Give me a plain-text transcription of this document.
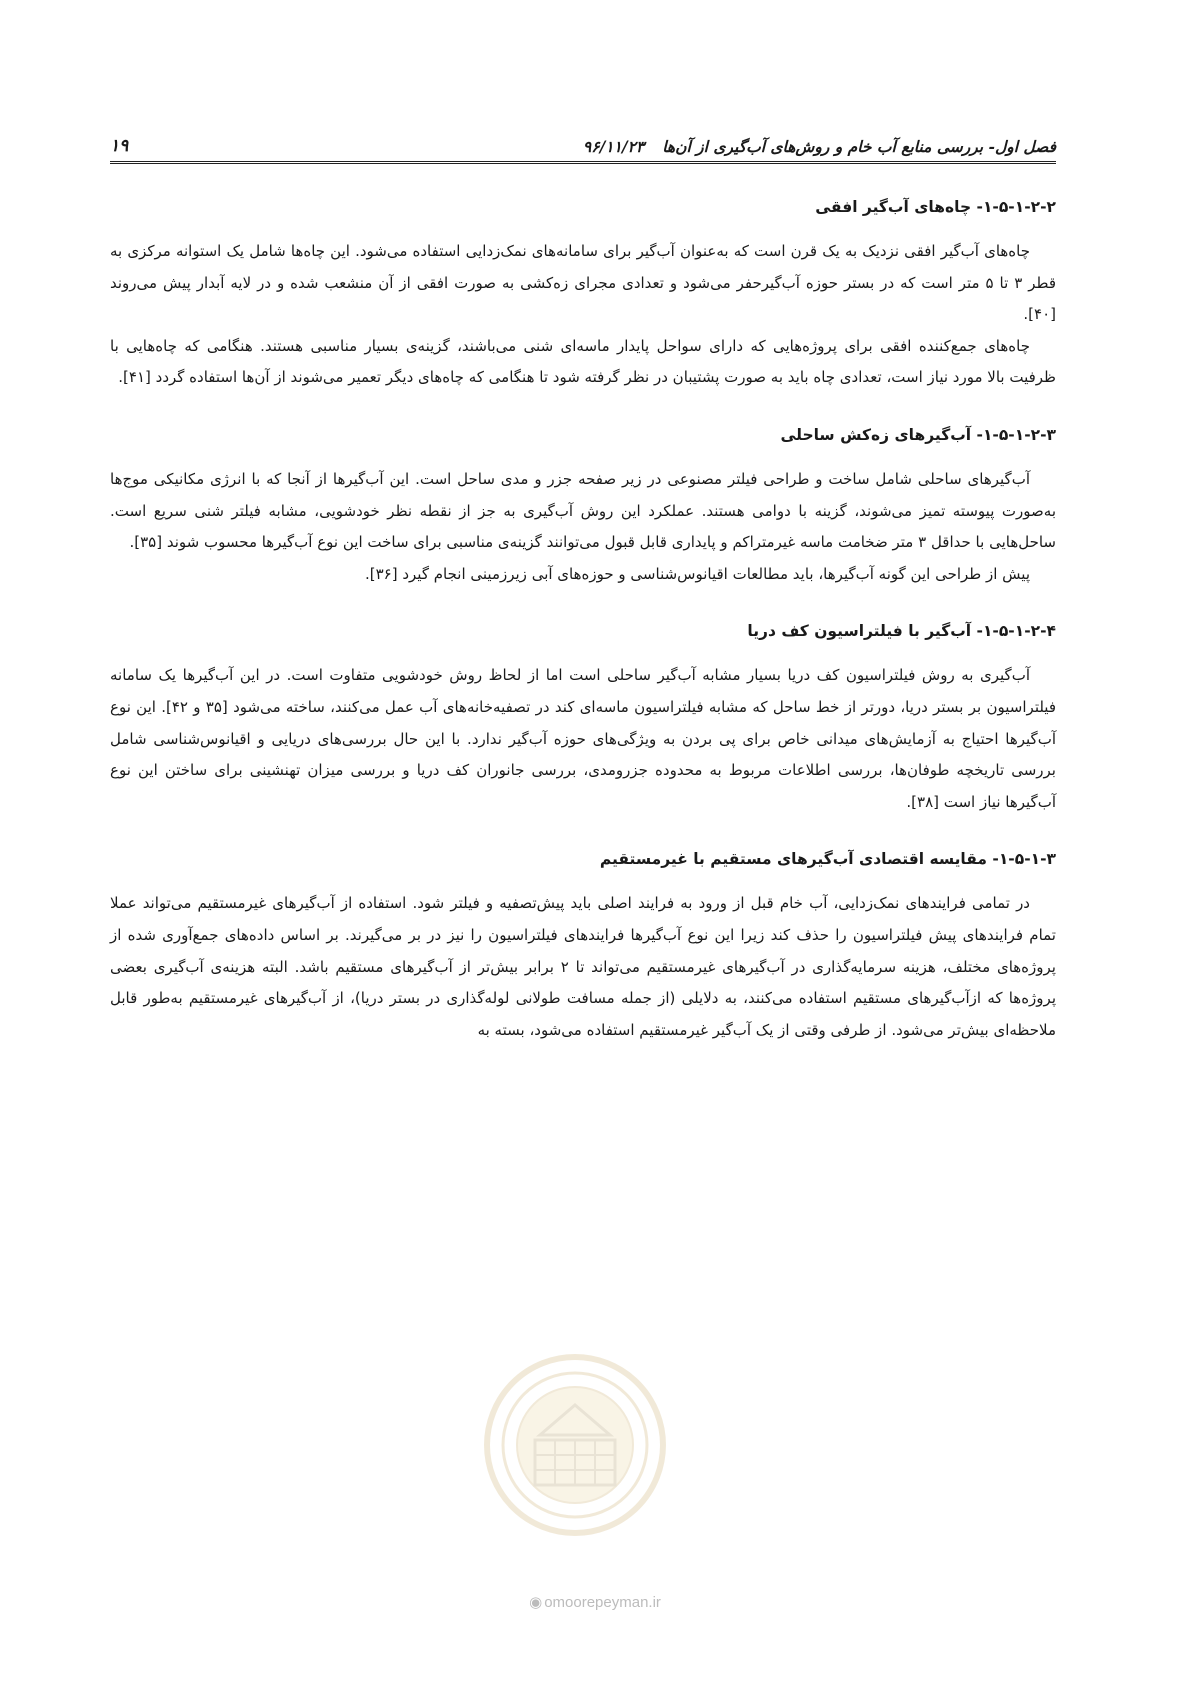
فصل اول- بررسی منابع آب خام و روش‌های آب‌گیری از آن‌ها
۹۶/۱۱/۲۳
۱۹
۱-۵-۱-۲-۲- چاه‌های آب‌گیر افقی

چاه‌های آب‌گیر افقی نزدیک به یک قرن است که به‌عنوان آب‌گیر برای سامانه‌های نمک‌زدایی استفاده می‌شود. این چاه‌ها شامل یک استوانه مرکزی به قطر ۳ تا ۵ متر است که در بستر حوزه آب‌گیرحفر می‌شود و تعدادی مجرای زه‌کشی به صورت افقی از آن منشعب شده و در لایه آبدار پیش می‌روند [۴۰].

چاه‌های جمع‌کننده افقی برای پروژه‌هایی که دارای سواحل پایدار ماسه‌ای شنی می‌باشند، گزینه‌ی بسیار مناسبی هستند. هنگامی که چاه‌هایی با ظرفیت بالا مورد نیاز است، تعدادی چاه باید به صورت پشتیبان در نظر گرفته شود تا هنگامی که چاه‌های دیگر تعمیر می‌شوند از آن‌ها استفاده گردد [۴۱].

۱-۵-۱-۲-۳- آب‌گیرهای زه‌کش ساحلی

آب‌گیرهای ساحلی شامل ساخت و طراحی فیلتر مصنوعی در زیر صفحه جزر و مدی ساحل است. این آب‌گیرها از آنجا که با انرژی مکانیکی موج‌ها به‌صورت پیوسته تمیز می‌شوند، گزینه با دوامی هستند. عملکرد این روش آب‌گیری به جز از نقطه نظر خودشویی، مشابه فیلتر شنی سریع است. ساحل‌هایی با حداقل ۳ متر ضخامت ماسه غیرمتراکم و پایداری قابل قبول می‌توانند گزینه‌ی مناسبی برای ساخت این نوع آب‌گیرها محسوب شوند [۳۵].

پیش از طراحی این گونه آب‌گیرها، باید مطالعات اقیانوس‌شناسی و حوزه‌های آبی زیرزمینی انجام گیرد [۳۶].

۱-۵-۱-۲-۴- آب‌گیر با فیلتراسیون کف دریا

آب‌گیری به روش فیلتراسیون کف دریا بسیار مشابه آب‌گیر ساحلی است اما از لحاظ روش خودشویی متفاوت است. در این آب‌گیرها یک سامانه فیلتراسیون بر بستر دریا، دورتر از خط ساحل که مشابه فیلتراسیون ماسه‌ای کند در تصفیه‌خانه‌های آب عمل می‌کنند، ساخته می‌شود [۳۵ و ۴۲]. این نوع آب‌گیرها احتیاج به آزمایش‌های میدانی خاص برای پی بردن به ویژگی‌های حوزه آب‌گیر ندارد. با این حال بررسی‌های دریایی و اقیانوس‌شناسی شامل بررسی تاریخچه طوفان‌ها، بررسی اطلاعات مربوط به محدوده جزرومدی، بررسی جانوران کف دریا و بررسی میزان تهنشینی برای ساختن این نوع آب‌گیرها نیاز است [۳۸].

۱-۵-۱-۳- مقایسه اقتصادی آب‌گیرهای مستقیم با غیرمستقیم

در تمامی فرایندهای نمک‌زدایی، آب خام قبل از ورود به فرایند اصلی باید پیش‌تصفیه و فیلتر شود. استفاده از آب‌گیرهای غیرمستقیم می‌تواند عملا تمام فرایندهای پیش فیلتراسیون را حذف کند زیرا این نوع آب‌گیرها فرایندهای فیلتراسیون را نیز در بر می‌گیرند. بر اساس داده‌های جمع‌آوری شده از پروژه‌های مختلف، هزینه سرمایه‌گذاری در آب‌گیرهای غیرمستقیم می‌تواند تا ۲ برابر بیش‌تر از آب‌گیرهای مستقیم باشد. البته هزینه‌ی آب‌گیری بعضی پروژه‌ها که ازآب‌گیرهای مستقیم استفاده می‌کنند، به دلایلی (از جمله مسافت طولانی لوله‌گذاری در بستر دریا)، از آب‌گیرهای غیرمستقیم به‌طور قابل ملاحظه‌ای بیش‌تر می‌شود. از طرفی وقتی از یک آب‌گیر غیرمستقیم استفاده می‌شود، بسته به

◉ omoorepeyman.ir
